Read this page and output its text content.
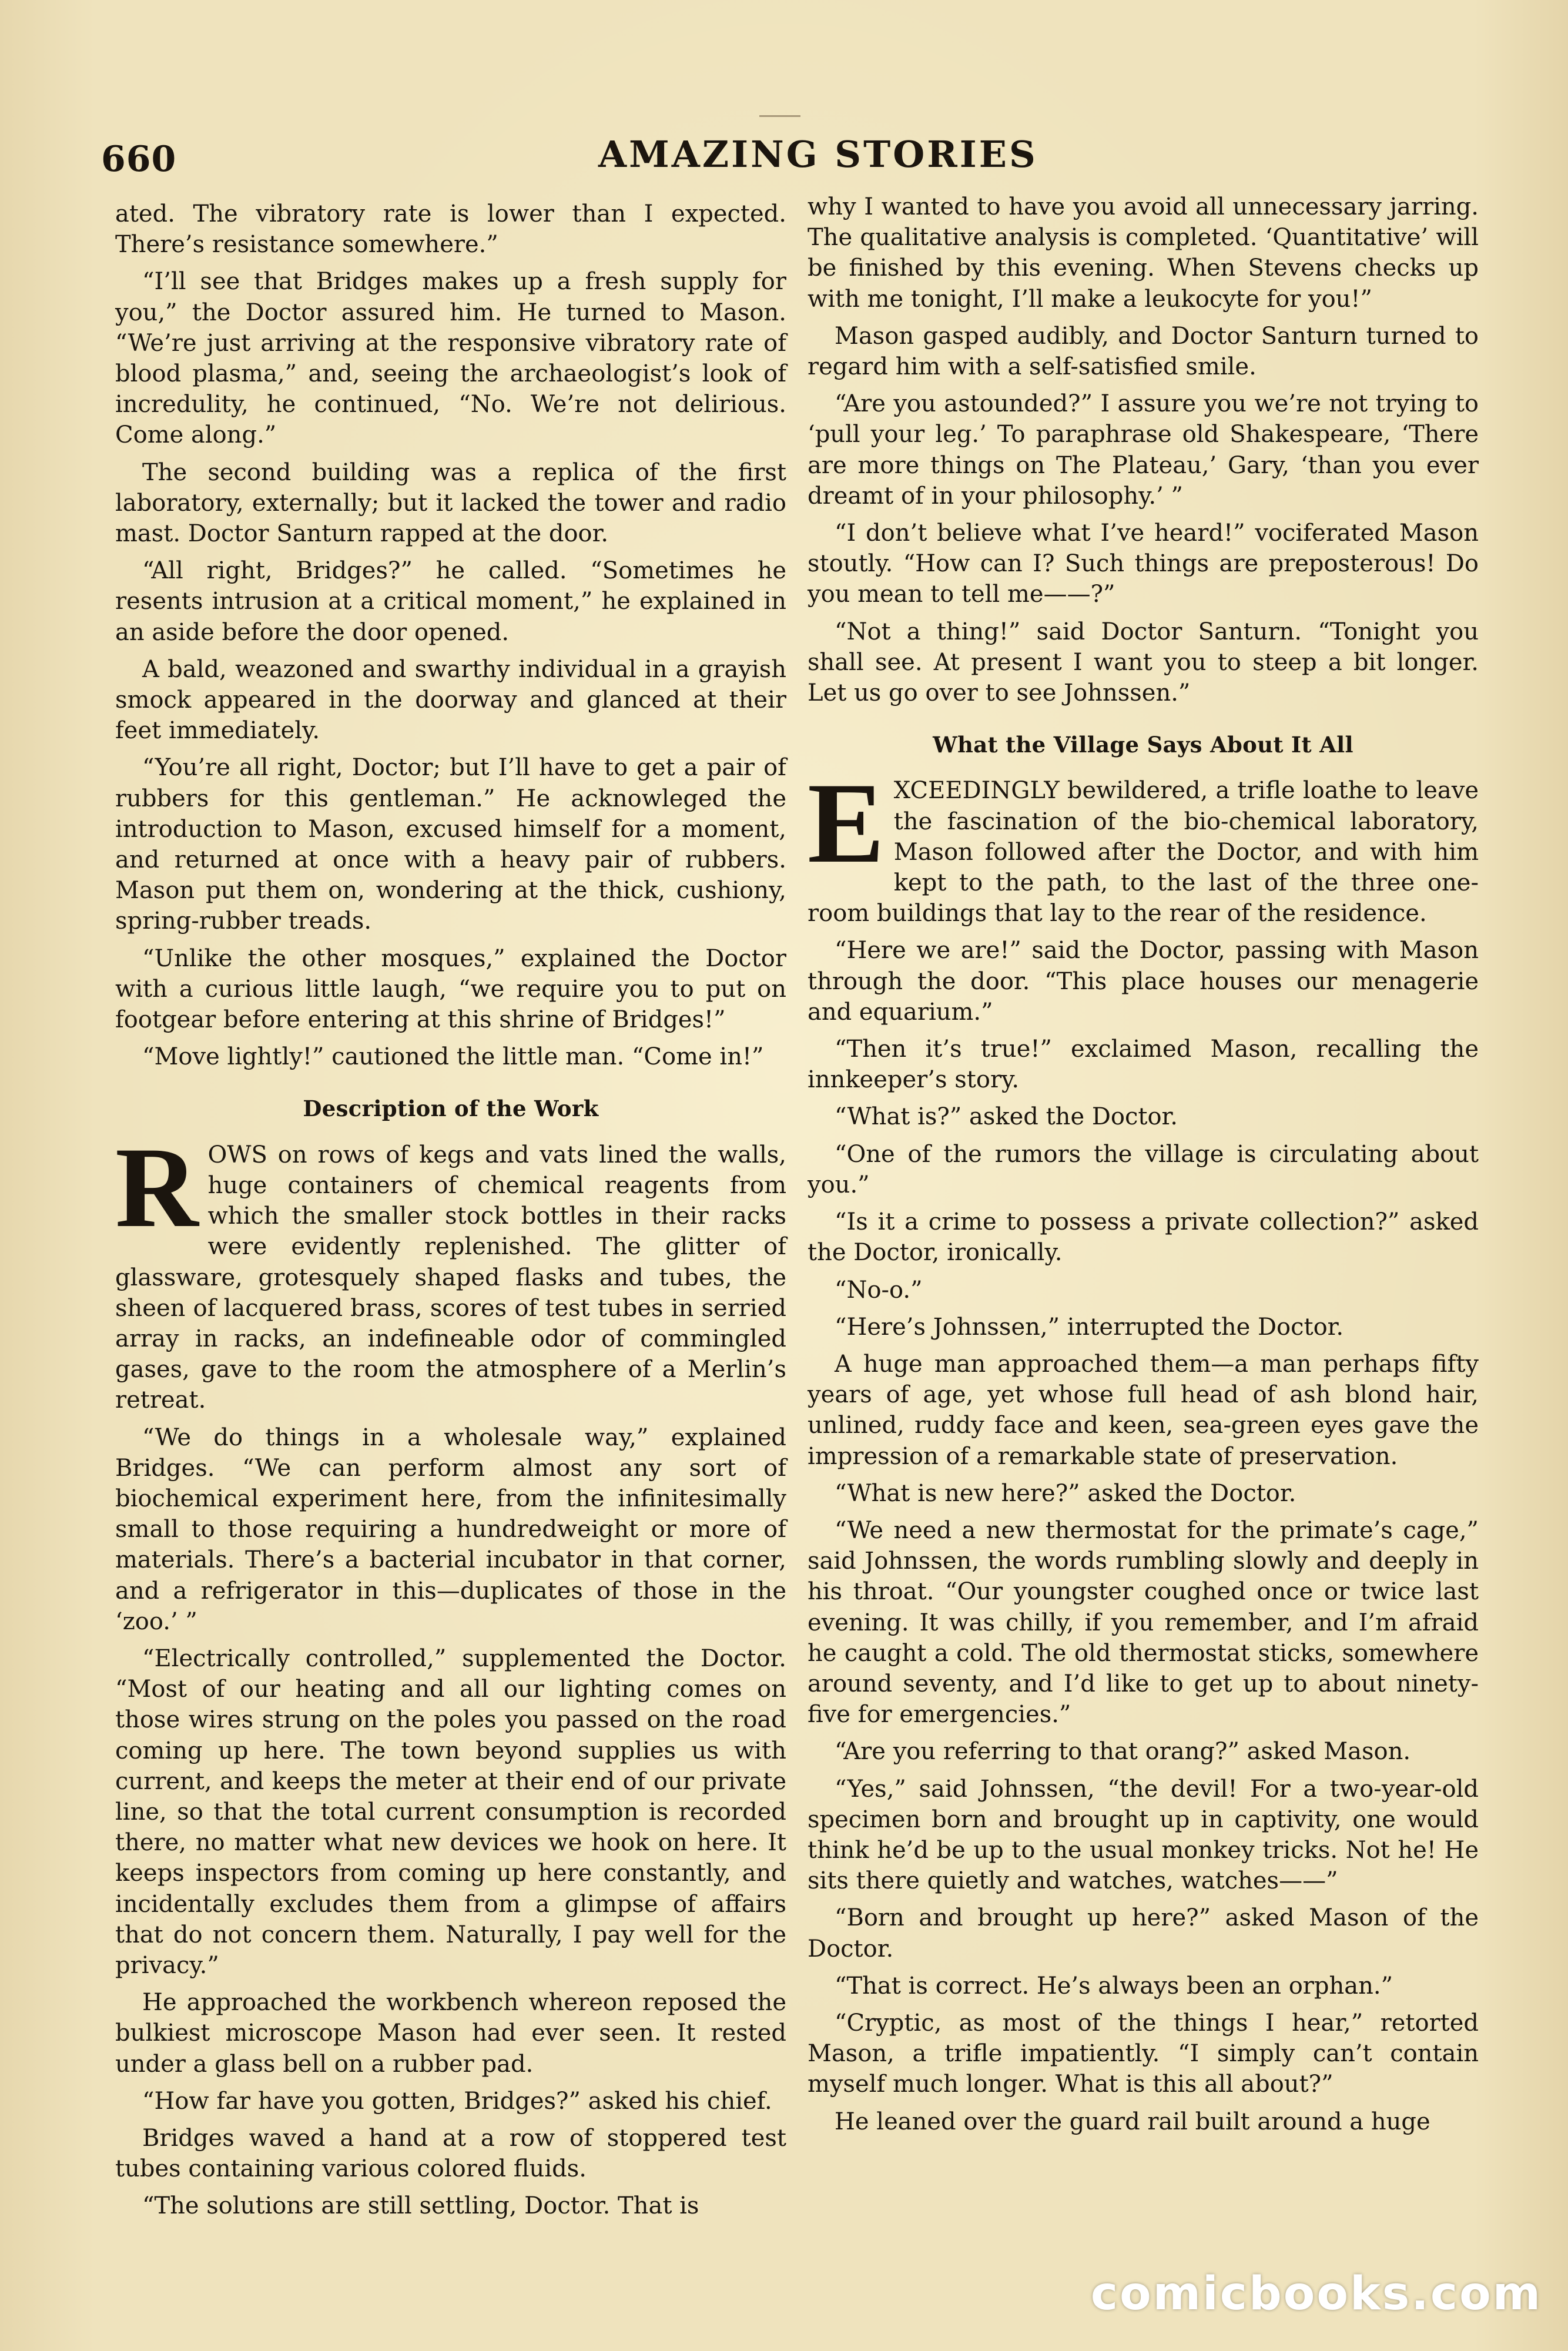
660	AMAZING STORIES

ated. The vibratory rate is lower than I expected. There’s resistance somewhere.”

“I’ll see that Bridges makes up a fresh supply for you,” the Doctor assured him. He turned to Mason. “We’re just arriving at the responsive vibratory rate of blood plasma,” and, seeing the archaeologist’s look of incredulity, he continued, “No. We’re not delirious. Come along.”

The second building was a replica of the first laboratory, externally; but it lacked the tower and radio mast. Doctor Santurn rapped at the door.

“All right, Bridges?” he called. “Sometimes he resents intrusion at a critical moment,” he explained in an aside before the door opened.

A bald, weazoned and swarthy individual in a grayish smock appeared in the doorway and glanced at their feet immediately.

“You’re all right, Doctor; but I’ll have to get a pair of rubbers for this gentleman.” He acknowleged the introduction to Mason, excused himself for a moment, and returned at once with a heavy pair of rubbers. Mason put them on, wondering at the thick, cushiony, spring-rubber treads.

“Unlike the other mosques,” explained the Doctor with a curious little laugh, “we require you to put on footgear before entering at this shrine of Bridges!”

“Move lightly!” cautioned the little man. “Come in!”

Description of the Work

ROWS on rows of kegs and vats lined the walls, huge containers of chemical reagents from which the smaller stock bottles in their racks were evidently replenished. The glitter of glassware, grotesquely shaped flasks and tubes, the sheen of lacquered brass, scores of test tubes in serried array in racks, an indefineable odor of commingled gases, gave to the room the atmosphere of a Merlin’s retreat.

“We do things in a wholesale way,” explained Bridges. “We can perform almost any sort of biochemical experiment here, from the infinitesimally small to those requiring a hundredweight or more of materials. There’s a bacterial incubator in that corner, and a refrigerator in this—duplicates of those in the ‘zoo.’ ”

“Electrically controlled,” supplemented the Doctor. “Most of our heating and all our lighting comes on those wires strung on the poles you passed on the road coming up here. The town beyond supplies us with current, and keeps the meter at their end of our private line, so that the total current consumption is recorded there, no matter what new devices we hook on here. It keeps inspectors from coming up here constantly, and incidentally excludes them from a glimpse of affairs that do not concern them. Naturally, I pay well for the privacy.”

He approached the workbench whereon reposed the bulkiest microscope Mason had ever seen. It rested under a glass bell on a rubber pad.

“How far have you gotten, Bridges?” asked his chief.

Bridges waved a hand at a row of stoppered test tubes containing various colored fluids.

“The solutions are still settling, Doctor. That is

why I wanted to have you avoid all unnecessary jarring. The qualitative analysis is completed. ‘Quantitative’ will be finished by this evening. When Stevens checks up with me tonight, I’ll make a leukocyte for you!”

Mason gasped audibly, and Doctor Santurn turned to regard him with a self-satisfied smile.

“Are you astounded?” I assure you we’re not trying to ‘pull your leg.’ To paraphrase old Shakespeare, ‘There are more things on The Plateau,’ Gary, ‘than you ever dreamt of in your philosophy.’ ”

“I don’t believe what I’ve heard!” vociferated Mason stoutly. “How can I? Such things are preposterous! Do you mean to tell me——?”

“Not a thing!” said Doctor Santurn. “Tonight you shall see. At present I want you to steep a bit longer. Let us go over to see Johnssen.”

What the Village Says About It All

EXCEEDINGLY bewildered, a trifle loathe to leave the fascination of the bio-chemical laboratory, Mason followed after the Doctor, and with him kept to the path, to the last of the three one-room buildings that lay to the rear of the residence.

“Here we are!” said the Doctor, passing with Mason through the door. “This place houses our menagerie and equarium.”

“Then it’s true!” exclaimed Mason, recalling the innkeeper’s story.

“What is?” asked the Doctor.

“One of the rumors the village is circulating about you.”

“Is it a crime to possess a private collection?” asked the Doctor, ironically.

“No-o.”

“Here’s Johnssen,” interrupted the Doctor.

A huge man approached them—a man perhaps fifty years of age, yet whose full head of ash blond hair, unlined, ruddy face and keen, sea-green eyes gave the impression of a remarkable state of preservation.

“What is new here?” asked the Doctor.

“We need a new thermostat for the primate’s cage,” said Johnssen, the words rumbling slowly and deeply in his throat. “Our youngster coughed once or twice last evening. It was chilly, if you remember, and I’m afraid he caught a cold. The old thermostat sticks, somewhere around seventy, and I’d like to get up to about ninety-five for emergencies.”

“Are you referring to that orang?” asked Mason.

“Yes,” said Johnssen, “the devil! For a two-year-old specimen born and brought up in captivity, one would think he’d be up to the usual monkey tricks. Not he! He sits there quietly and watches, watches——”

“Born and brought up here?” asked Mason of the Doctor.

“That is correct. He’s always been an orphan.”

“Cryptic, as most of the things I hear,” retorted Mason, a trifle impatiently. “I simply can’t contain myself much longer. What is this all about?”

He leaned over the guard rail built around a huge

comicbooks.com
